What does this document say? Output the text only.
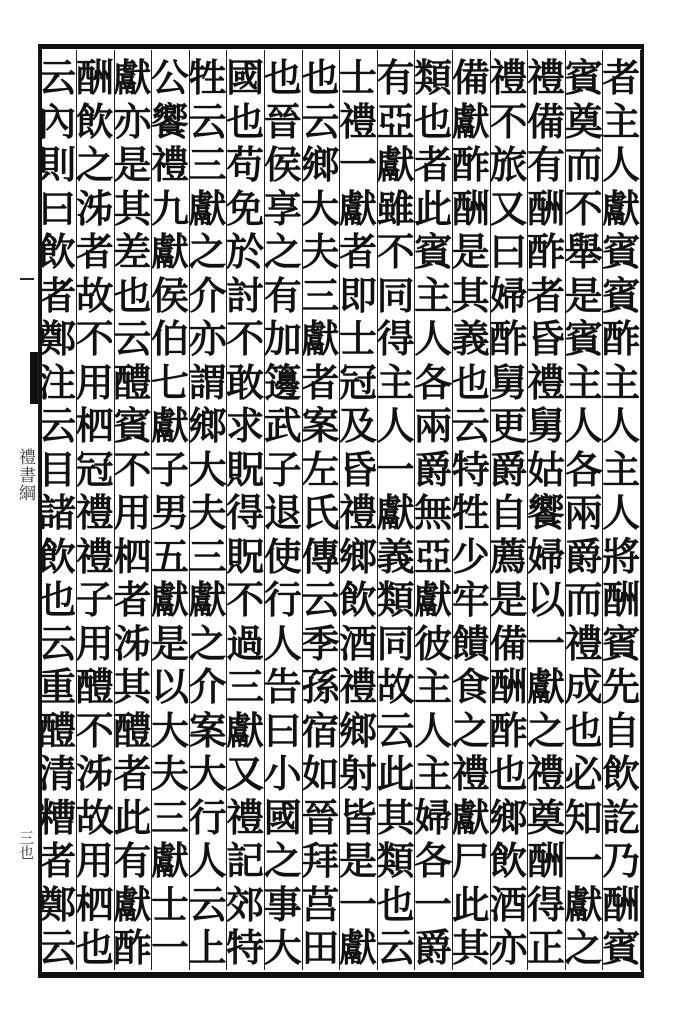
禮書綱
三也
者
主
人
獻
賓
賓
酢
主
人
主
人
將
酬
賓
先
自
飲
訖
乃
酬
賓
賓
奠
而
不
舉
是
賓
主
人
各
兩
爵
而
禮
成
也
必
知
一
獻
之
禮
備
有
酬
酢
者
昏
禮
舅
姑
饗
婦
以
一
獻
之
禮
奠
酬
得
正
禮
不
旅
又
曰
婦
酢
舅
更
爵
自
薦
是
備
酬
酢
也
鄉
飲
酒
亦
備
獻
酢
酬
是
其
義
也
云
特
牲
少
牢
饋
食
之
禮
獻
尸
此
其
類
也
者
此
賓
主
人
各
兩
爵
無
亞
獻
彼
主
人
主
婦
各
一
爵
有
亞
獻
雖
不
同
得
主
人
一
獻
義
類
同
故
云
此
其
類
也
云
士
禮
一
獻
者
即
士
冠
及
昏
禮
鄉
飲
酒
禮
鄉
射
皆
是
一
獻
也
云
鄉
大
夫
三
獻
者
案
左
氏
傳
云
季
孫
宿
如
晉
拜
莒
田
也
晉
侯
享
之
有
加
籩
武
子
退
使
行
人
告
曰
小
國
之
事
大
國
也
苟
免
於
討
不
敢
求
貺
得
貺
不
過
三
獻
又
禮
記
郊
特
牲
云
三
獻
之
介
亦
謂
鄉
大
夫
三
獻
之
介
案
大
行
人
云
上
公
饗
禮
九
獻
侯
伯
七
獻
子
男
五
獻
是
以
大
夫
三
獻
士
一
獻
亦
是
其
差
也
云
醴
賓
不
用
柶
者
泲
其
醴
者
此
有
獻
酢
酬
飲
之
泲
者
故
不
用
柶
冠
禮
禮
子
用
醴
不
泲
故
用
柶
也
云
內
則
曰
飲
者
鄭
注
云
目
諸
飲
也
云
重
醴
清
糟
者
鄭
云
